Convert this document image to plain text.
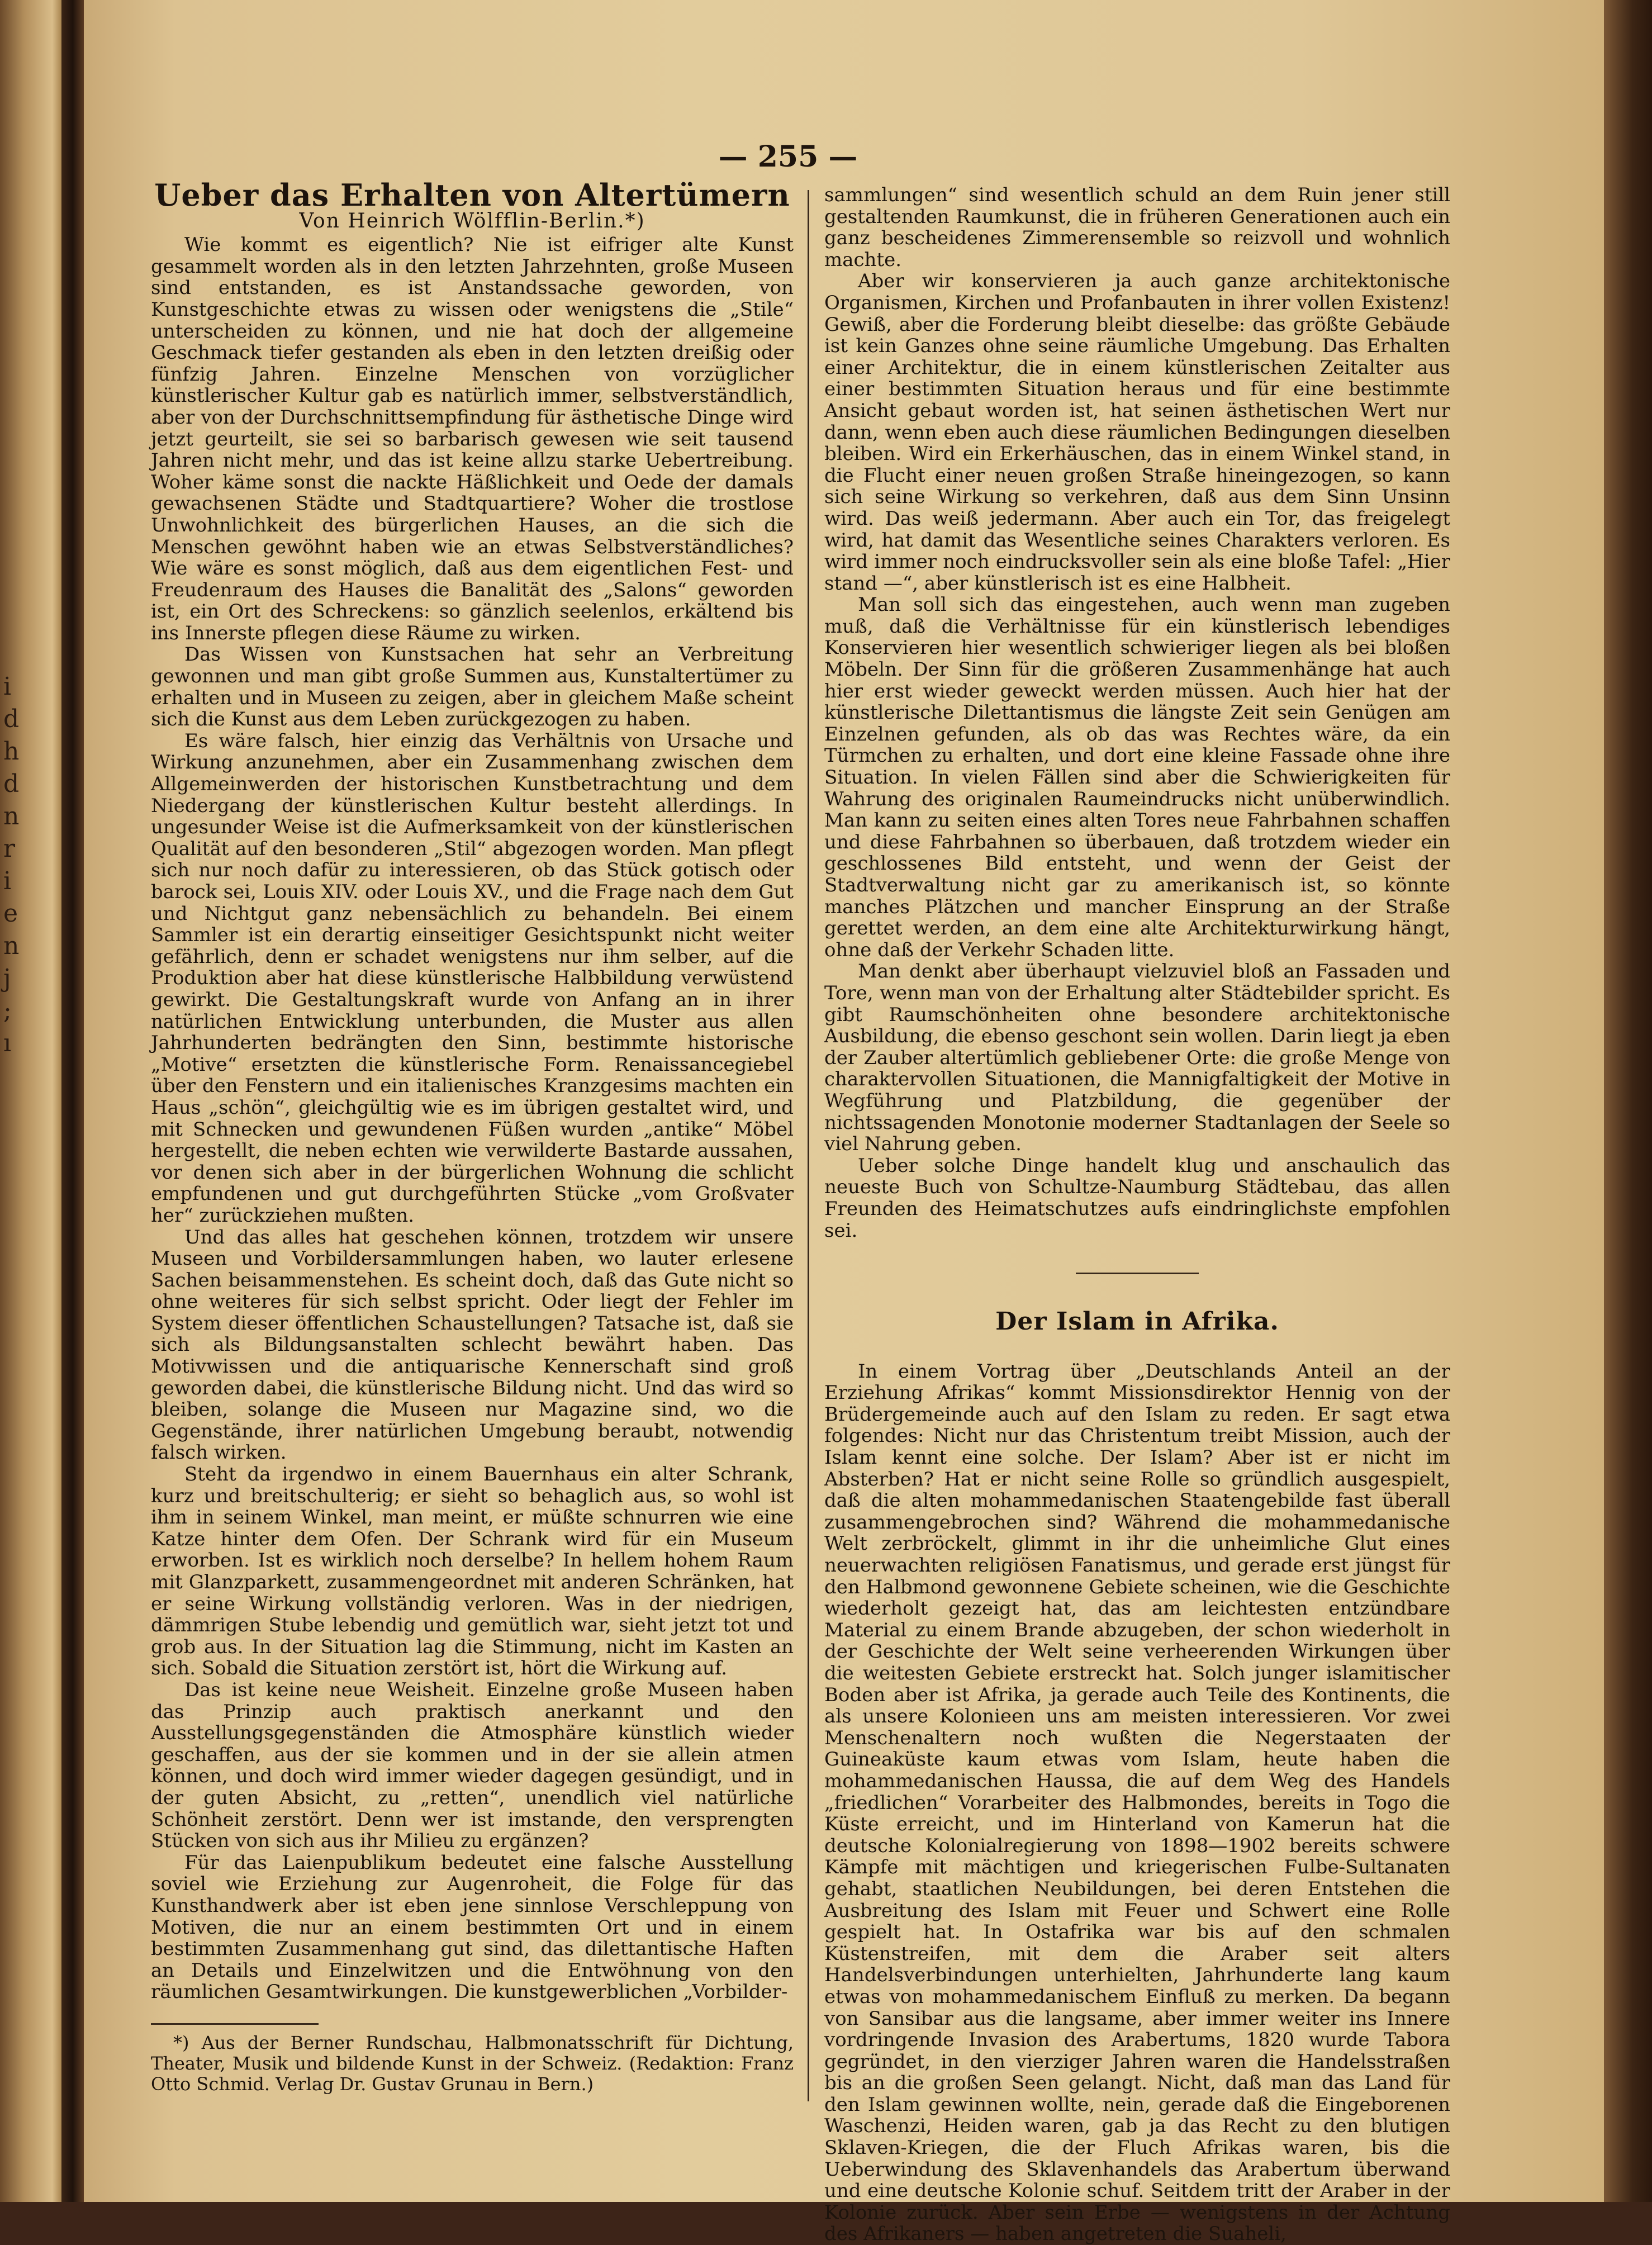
i
d
h
d
n
r
i
e
n
j
;
ı
— 255 —
Ueber das Erhalten von Altertümern
Von Heinrich Wölfflin-Berlin.*)

Wie kommt es eigentlich? Nie ist eifriger alte Kunst gesammelt worden als in den letzten Jahrzehnten, große Museen sind entstanden, es ist Anstandssache geworden, von Kunstgeschichte etwas zu wissen oder wenigstens die „Stile“ unterscheiden zu können, und nie hat doch der allgemeine Geschmack tiefer gestanden als eben in den letzten dreißig oder fünfzig Jahren. Einzelne Menschen von vorzüglicher künstlerischer Kultur gab es natürlich immer, selbstverständlich, aber von der Durchschnittsempfindung für ästhetische Dinge wird jetzt geurteilt, sie sei so barbarisch gewesen wie seit tausend Jahren nicht mehr, und das ist keine allzu starke Uebertreibung. Woher käme sonst die nackte Häßlichkeit und Oede der damals gewachsenen Städte und Stadtquartiere? Woher die trostlose Unwohnlichkeit des bürgerlichen Hauses, an die sich die Menschen gewöhnt haben wie an etwas Selbstverständliches? Wie wäre es sonst möglich, daß aus dem eigentlichen Fest- und Freudenraum des Hauses die Banalität des „Salons“ geworden ist, ein Ort des Schreckens: so gänzlich seelenlos, erkältend bis ins Innerste pflegen diese Räume zu wirken.

Das Wissen von Kunstsachen hat sehr an Verbreitung gewonnen und man gibt große Summen aus, Kunstaltertümer zu erhalten und in Museen zu zeigen, aber in gleichem Maße scheint sich die Kunst aus dem Leben zurückgezogen zu haben.

Es wäre falsch, hier einzig das Verhältnis von Ursache und Wirkung anzunehmen, aber ein Zusammenhang zwischen dem Allgemeinwerden der historischen Kunstbetrachtung und dem Niedergang der künstlerischen Kultur besteht allerdings. In ungesunder Weise ist die Aufmerksamkeit von der künstlerischen Qualität auf den besonderen „Stil“ abgezogen worden. Man pflegt sich nur noch dafür zu interessieren, ob das Stück gotisch oder barock sei, Louis XIV. oder Louis XV., und die Frage nach dem Gut und Nichtgut ganz nebensächlich zu behandeln. Bei einem Sammler ist ein derartig einseitiger Gesichtspunkt nicht weiter gefährlich, denn er schadet wenigstens nur ihm selber, auf die Produktion aber hat diese künstlerische Halbbildung verwüstend gewirkt. Die Gestaltungskraft wurde von Anfang an in ihrer natürlichen Entwicklung unterbunden, die Muster aus allen Jahrhunderten bedrängten den Sinn, bestimmte historische „Motive“ ersetzten die künstlerische Form. Renaissancegiebel über den Fenstern und ein italienisches Kranzgesims machten ein Haus „schön“, gleichgültig wie es im übrigen gestaltet wird, und mit Schnecken und gewundenen Füßen wurden „antike“ Möbel hergestellt, die neben echten wie verwilderte Bastarde aussahen, vor denen sich aber in der bürgerlichen Wohnung die schlicht empfundenen und gut durchgeführten Stücke „vom Großvater her“ zurückziehen mußten.

Und das alles hat geschehen können, trotzdem wir unsere Museen und Vorbildersammlungen haben, wo lauter erlesene Sachen beisammenstehen. Es scheint doch, daß das Gute nicht so ohne weiteres für sich selbst spricht. Oder liegt der Fehler im System dieser öffentlichen Schaustellungen? Tatsache ist, daß sie sich als Bildungsanstalten schlecht bewährt haben. Das Motivwissen und die antiquarische Kennerschaft sind groß geworden dabei, die künstlerische Bildung nicht. Und das wird so bleiben, solange die Museen nur Magazine sind, wo die Gegenstände, ihrer natürlichen Umgebung beraubt, notwendig falsch wirken.

Steht da irgendwo in einem Bauernhaus ein alter Schrank, kurz und breitschulterig; er sieht so behaglich aus, so wohl ist ihm in seinem Winkel, man meint, er müßte schnurren wie eine Katze hinter dem Ofen. Der Schrank wird für ein Museum erworben. Ist es wirklich noch derselbe? In hellem hohem Raum mit Glanzparkett, zusammengeordnet mit anderen Schränken, hat er seine Wirkung vollständig verloren. Was in der niedrigen, dämmrigen Stube lebendig und gemütlich war, sieht jetzt tot und grob aus. In der Situation lag die Stimmung, nicht im Kasten an sich. Sobald die Situation zerstört ist, hört die Wirkung auf.

Das ist keine neue Weisheit. Einzelne große Museen haben das Prinzip auch praktisch anerkannt und den Ausstellungsgegenständen die Atmosphäre künstlich wieder geschaffen, aus der sie kommen und in der sie allein atmen können, und doch wird immer wieder dagegen gesündigt, und in der guten Absicht, zu „retten“, unendlich viel natürliche Schönheit zerstört. Denn wer ist imstande, den versprengten Stücken von sich aus ihr Milieu zu ergänzen?

Für das Laienpublikum bedeutet eine falsche Ausstellung soviel wie Erziehung zur Augenroheit, die Folge für das Kunsthandwerk aber ist eben jene sinnlose Verschleppung von Motiven, die nur an einem bestimmten Ort und in einem bestimmten Zusammenhang gut sind, das dilettantische Haften an Details und Einzelwitzen und die Entwöhnung von den räumlichen Gesamtwirkungen. Die kunstgewerblichen „Vorbilder-

*) Aus der Berner Rundschau, Halbmonatsschrift für Dichtung, Theater, Musik und bildende Kunst in der Schweiz. (Redaktion: Franz Otto Schmid. Verlag Dr. Gustav Grunau in Bern.)

sammlungen“ sind wesentlich schuld an dem Ruin jener still gestaltenden Raumkunst, die in früheren Generationen auch ein ganz bescheidenes Zimmerensemble so reizvoll und wohnlich machte.

Aber wir konservieren ja auch ganze architektonische Organismen, Kirchen und Profanbauten in ihrer vollen Existenz! Gewiß, aber die Forderung bleibt dieselbe: das größte Gebäude ist kein Ganzes ohne seine räumliche Umgebung. Das Erhalten einer Architektur, die in einem künstlerischen Zeitalter aus einer bestimmten Situation heraus und für eine bestimmte Ansicht gebaut worden ist, hat seinen ästhetischen Wert nur dann, wenn eben auch diese räumlichen Bedingungen dieselben bleiben. Wird ein Erkerhäuschen, das in einem Winkel stand, in die Flucht einer neuen großen Straße hineingezogen, so kann sich seine Wirkung so verkehren, daß aus dem Sinn Unsinn wird. Das weiß jedermann. Aber auch ein Tor, das freigelegt wird, hat damit das Wesentliche seines Charakters verloren. Es wird immer noch eindrucksvoller sein als eine bloße Tafel: „Hier stand —“, aber künstlerisch ist es eine Halbheit.

Man soll sich das eingestehen, auch wenn man zugeben muß, daß die Verhältnisse für ein künstlerisch lebendiges Konservieren hier wesentlich schwieriger liegen als bei bloßen Möbeln. Der Sinn für die größeren Zusammenhänge hat auch hier erst wieder geweckt werden müssen. Auch hier hat der künstlerische Dilettantismus die längste Zeit sein Genügen am Einzelnen gefunden, als ob das was Rechtes wäre, da ein Türmchen zu erhalten, und dort eine kleine Fassade ohne ihre Situation. In vielen Fällen sind aber die Schwierigkeiten für Wahrung des originalen Raumeindrucks nicht unüberwindlich. Man kann zu seiten eines alten Tores neue Fahrbahnen schaffen und diese Fahrbahnen so überbauen, daß trotzdem wieder ein geschlossenes Bild entsteht, und wenn der Geist der Stadtverwaltung nicht gar zu amerikanisch ist, so könnte manches Plätzchen und mancher Einsprung an der Straße gerettet werden, an dem eine alte Architekturwirkung hängt, ohne daß der Verkehr Schaden litte.

Man denkt aber überhaupt vielzuviel bloß an Fassaden und Tore, wenn man von der Erhaltung alter Städtebilder spricht. Es gibt Raumschönheiten ohne besondere architektonische Ausbildung, die ebenso geschont sein wollen. Darin liegt ja eben der Zauber altertümlich gebliebener Orte: die große Menge von charaktervollen Situationen, die Mannigfaltigkeit der Motive in Wegführung und Platzbildung, die gegenüber der nichtssagenden Monotonie moderner Stadtanlagen der Seele so viel Nahrung geben.

Ueber solche Dinge handelt klug und anschaulich das neueste Buch von Schultze-Naumburg Städtebau, das allen Freunden des Heimatschutzes aufs eindringlichste empfohlen sei.

Der Islam in Afrika.

In einem Vortrag über „Deutschlands Anteil an der Erziehung Afrikas“ kommt Missionsdirektor Hennig von der Brüdergemeinde auch auf den Islam zu reden. Er sagt etwa folgendes: Nicht nur das Christentum treibt Mission, auch der Islam kennt eine solche. Der Islam? Aber ist er nicht im Absterben? Hat er nicht seine Rolle so gründlich ausgespielt, daß die alten mohammedanischen Staatengebilde fast überall zusammengebrochen sind? Während die mohammedanische Welt zerbröckelt, glimmt in ihr die unheimliche Glut eines neuerwachten religiösen Fanatismus, und gerade erst jüngst für den Halbmond gewonnene Gebiete scheinen, wie die Geschichte wiederholt gezeigt hat, das am leichtesten entzündbare Material zu einem Brande abzugeben, der schon wiederholt in der Geschichte der Welt seine verheerenden Wirkungen über die weitesten Gebiete erstreckt hat. Solch junger islamitischer Boden aber ist Afrika, ja gerade auch Teile des Kontinents, die als unsere Kolonieen uns am meisten interessieren. Vor zwei Menschenaltern noch wußten die Negerstaaten der Guineaküste kaum etwas vom Islam, heute haben die mohammedanischen Haussa, die auf dem Weg des Handels „friedlichen“ Vorarbeiter des Halbmondes, bereits in Togo die Küste erreicht, und im Hinterland von Kamerun hat die deutsche Kolonialregierung von 1898—1902 bereits schwere Kämpfe mit mächtigen und kriegerischen Fulbe-Sultanaten gehabt, staatlichen Neubildungen, bei deren Entstehen die Ausbreitung des Islam mit Feuer und Schwert eine Rolle gespielt hat. In Ostafrika war bis auf den schmalen Küstenstreifen, mit dem die Araber seit alters Handelsverbindungen unterhielten, Jahrhunderte lang kaum etwas von mohammedanischem Einfluß zu merken. Da begann von Sansibar aus die langsame, aber immer weiter ins Innere vordringende Invasion des Arabertums, 1820 wurde Tabora gegründet, in den vierziger Jahren waren die Handelsstraßen bis an die großen Seen gelangt. Nicht, daß man das Land für den Islam gewinnen wollte, nein, gerade daß die Eingeborenen Waschenzi, Heiden waren, gab ja das Recht zu den blutigen Sklaven-Kriegen, die der Fluch Afrikas waren, bis die Ueberwindung des Sklavenhandels das Arabertum überwand und eine deutsche Kolonie schuf. Seitdem tritt der Araber in der Kolonie zurück. Aber sein Erbe — wenigstens in der Achtung des Afrikaners — haben angetreten die Suaheli,
